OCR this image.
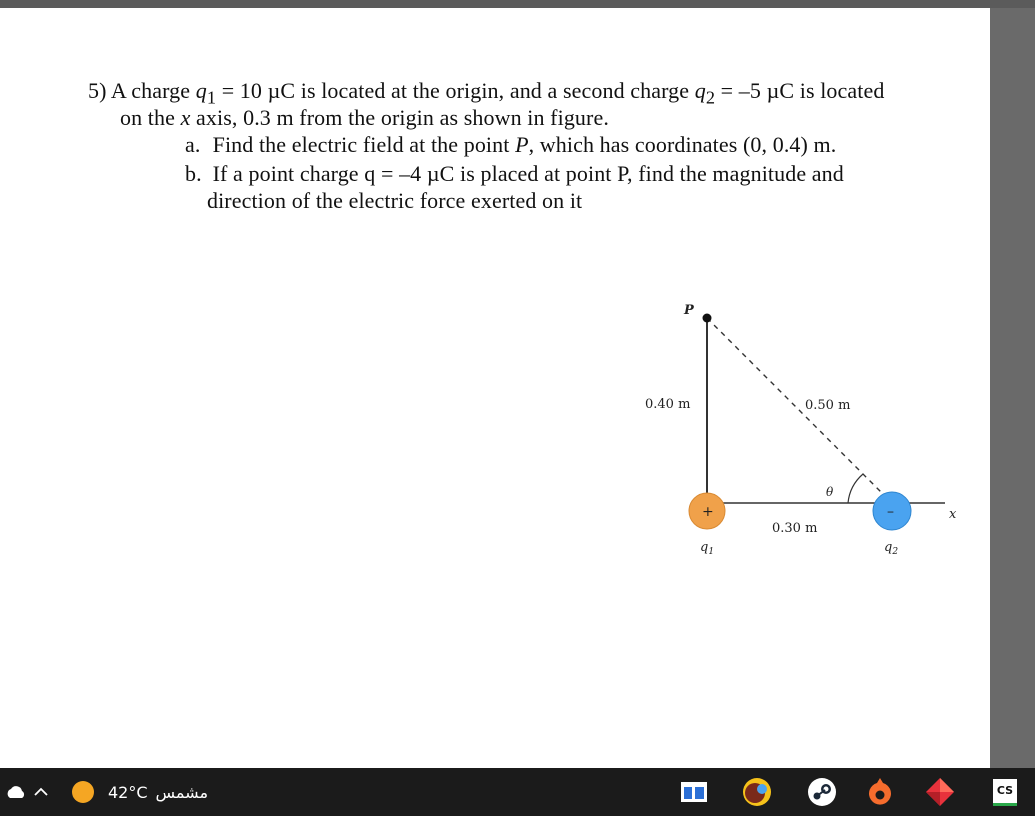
5) A charge $q_1 = 10$ µC is located at the origin, and a second charge $q_2 = -5$ µC is located
on the x axis, 0.3 m from the origin as shown in figure.
a. Find the electric field at the point P, which has coordinates (0, 0.4) m.
b. If a point charge q = –4 µC is placed at point P, find the magnitude and
direction of the electric force exerted on it
P
0.40 m	0.50 m
0.30 m
θ
x
+
$q_1$
–
$q_2$
42°C مشمس	CS
